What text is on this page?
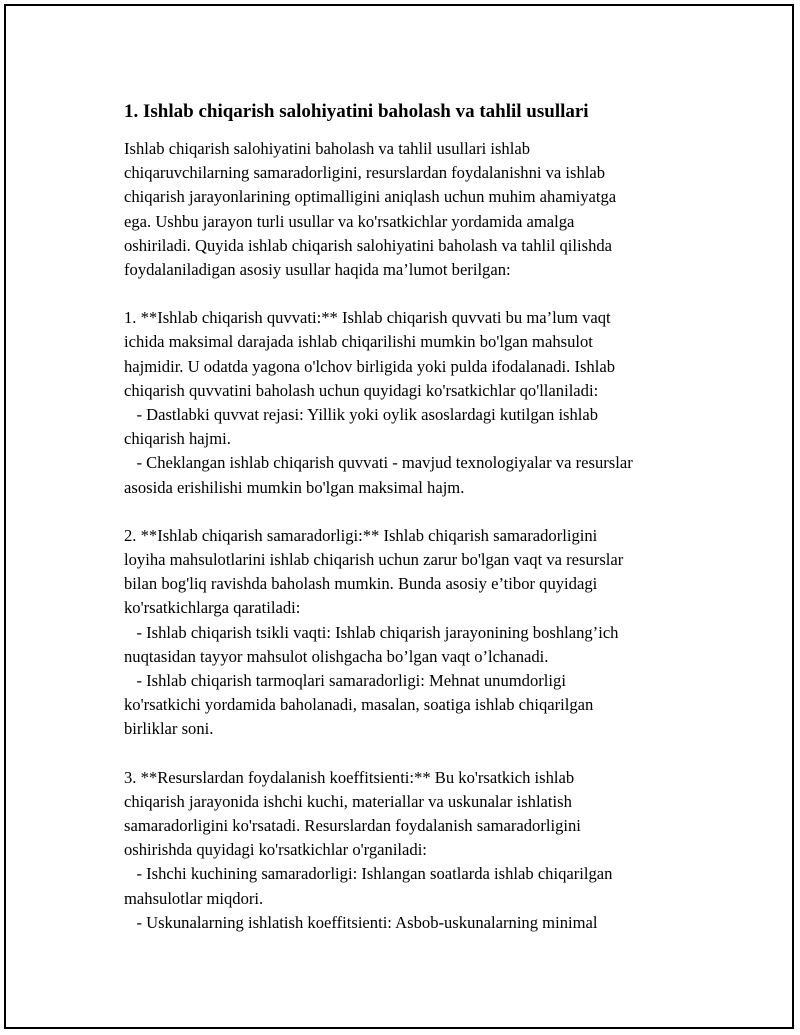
1. Ishlab chiqarish salohiyatini baholash va tahlil usullari
Ishlab chiqarish salohiyatini baholash va tahlil usullari ishlab
chiqaruvchilarning samaradorligini, resurslardan foydalanishni va ishlab
chiqarish jarayonlarining optimalligini aniqlash uchun muhim ahamiyatga
ega. Ushbu jarayon turli usullar va ko'rsatkichlar yordamida amalga
oshiriladi. Quyida ishlab chiqarish salohiyatini baholash va tahlil qilishda
foydalaniladigan asosiy usullar haqida ma’lumot berilgan:
1. **Ishlab chiqarish quvvati:** Ishlab chiqarish quvvati bu ma’lum vaqt
ichida maksimal darajada ishlab chiqarilishi mumkin bo'lgan mahsulot
hajmidir. U odatda yagona o'lchov birligida yoki pulda ifodalanadi. Ishlab
chiqarish quvvatini baholash uchun quyidagi ko'rsatkichlar qo'llaniladi:
- Dastlabki quvvat rejasi: Yillik yoki oylik asoslardagi kutilgan ishlab
chiqarish hajmi.
- Cheklangan ishlab chiqarish quvvati - mavjud texnologiyalar va resurslar
asosida erishilishi mumkin bo'lgan maksimal hajm.
2. **Ishlab chiqarish samaradorligi:** Ishlab chiqarish samaradorligini
loyiha mahsulotlarini ishlab chiqarish uchun zarur bo'lgan vaqt va resurslar
bilan bog'liq ravishda baholash mumkin. Bunda asosiy e’tibor quyidagi
ko'rsatkichlarga qaratiladi:
- Ishlab chiqarish tsikli vaqti: Ishlab chiqarish jarayonining boshlang’ich
nuqtasidan tayyor mahsulot olishgacha bo’lgan vaqt o’lchanadi.
- Ishlab chiqarish tarmoqlari samaradorligi: Mehnat unumdorligi
ko'rsatkichi yordamida baholanadi, masalan, soatiga ishlab chiqarilgan
birliklar soni.
3. **Resurslardan foydalanish koeffitsienti:** Bu ko'rsatkich ishlab
chiqarish jarayonida ishchi kuchi, materiallar va uskunalar ishlatish
samaradorligini ko'rsatadi. Resurslardan foydalanish samaradorligini
oshirishda quyidagi ko'rsatkichlar o'rganiladi:
- Ishchi kuchining samaradorligi: Ishlangan soatlarda ishlab chiqarilgan
mahsulotlar miqdori.
- Uskunalarning ishlatish koeffitsienti: Asbob-uskunalarning minimal
